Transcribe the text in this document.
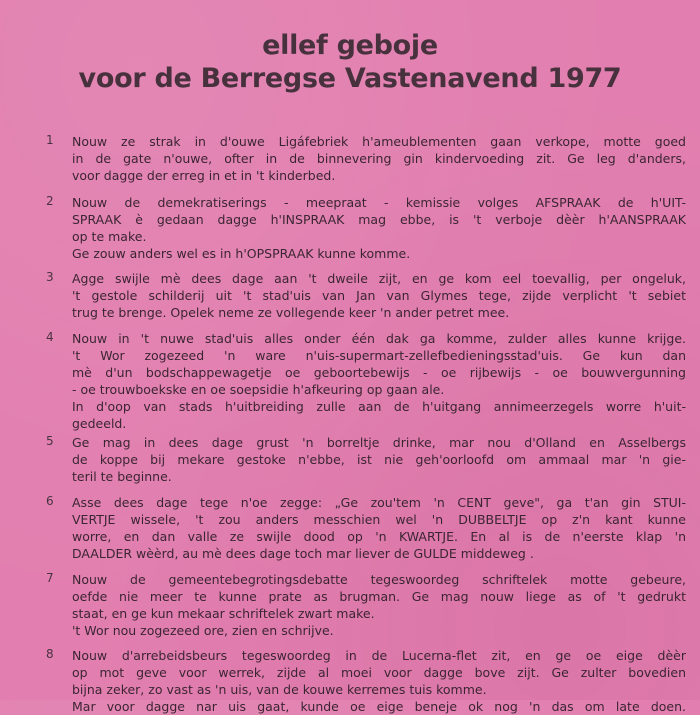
ellef geboje
voor de Berregse Vastenavend 1977
1	Nouw ze strak in d'ouwe Ligáfebriek h'ameublementen gaan verkope, motte goed
in de gate n'ouwe, ofter in de binnevering gin kindervoeding zit. Ge leg d'anders,
voor dagge der erreg in et in 't kinderbed.
2	Nouw de demekratiserings - meepraat - kemissie volges AFSPRAAK de h'UIT-
SPRAAK è gedaan dagge h'INSPRAAK mag ebbe, is 't verboje dèèr h'AANSPRAAK
op te make.
Ge zouw anders wel es in h'OPSPRAAK kunne komme.
3	Agge swijle mè dees dage aan 't dweile zijt, en ge kom eel toevallig, per ongeluk,
't gestole schilderij uit 't stad'uis van Jan van Glymes tege, zijde verplicht 't sebiet
trug te brenge. Opelek neme ze vollegende keer 'n ander petret mee.
4	Nouw in 't nuwe stad'uis alles onder één dak ga komme, zulder alles kunne krijge.
't Wor zogezeed 'n ware n'uis-supermart-zellefbedieningsstad'uis. Ge kun dan
mè d'un bodschappewagetje oe geboortebewijs - oe rijbewijs - oe bouwvergunning
- oe trouwboekske en oe soepsidie h'afkeuring op gaan ale.
In d'oop van stads h'uitbreiding zulle aan de h'uitgang annimeerzegels worre h'uit-
gedeeld.
5	Ge mag in dees dage grust 'n borreltje drinke, mar nou d'Olland en Asselbergs
de koppe bij mekare gestoke n'ebbe, ist nie geh'oorloofd om ammaal mar 'n gie-
teril te beginne.
6	Asse dees dage tege n'oe zegge: „Ge zou'tem 'n CENT geve", ga t'an gin STUI-
VERTJE wissele, 't zou anders messchien wel 'n DUBBELTJE op z'n kant kunne
worre, en dan valle ze swijle dood op 'n KWARTJE. En al is de n'eerste klap 'n
DAALDER wèèrd, au mè dees dage toch mar liever de GULDE middeweg .
7	Nouw de gemeentebegrotingsdebatte tegeswoordeg schriftelek motte gebeure,
oefde nie meer te kunne prate as brugman. Ge mag nouw liege as of 't gedrukt
staat, en ge kun mekaar schriftelek zwart make.
't Wor nou zogezeed ore, zien en schrijve.
8	Nouw d'arrebeidsbeurs tegeswoordeg in de Lucerna-flet zit, en ge oe eige dèèr
op mot geve voor werrek, zijde al moei voor dagge bove zijt. Ge zulter bovedien
bijna zeker, zo vast as 'n uis, van de kouwe kerremes tuis komme.
Mar voor dagge nar uis gaat, kunde oe eige beneje ok nog 'n das om late doen.
